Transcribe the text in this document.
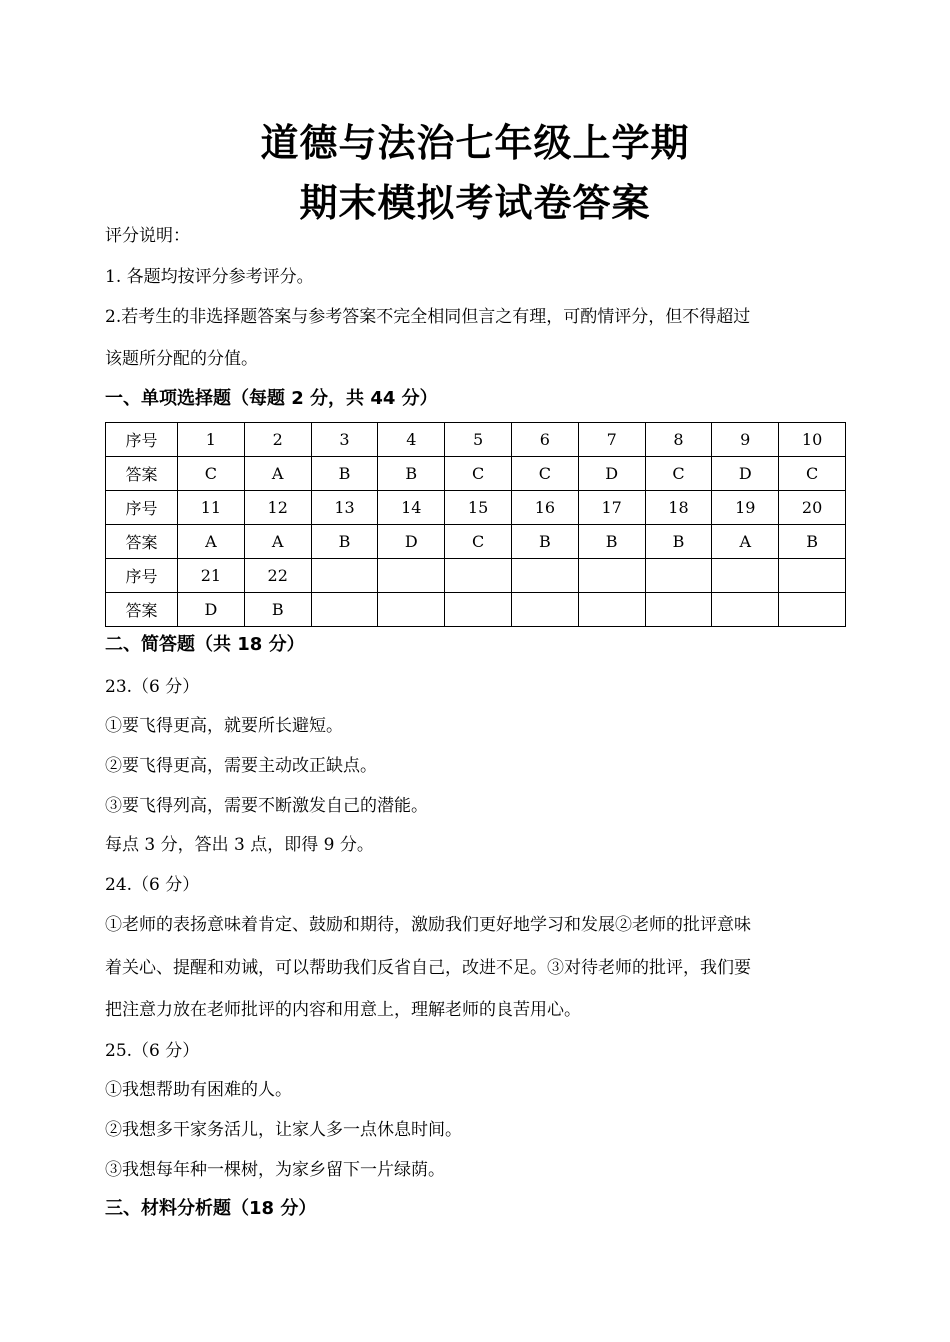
道德与法治七年级上学期
期末模拟考试卷答案
评分说明：
1. 各题均按评分参考评分。
2.若考生的非选择题答案与参考答案不完全相同但言之有理，可酌情评分，但不得超过
该题所分配的分值。
一、单项选择题（每题 2 分，共 44 分）
序号	1	2	3	4	5	6	7	8	9	10
答案	C	A	B	B	C	C	D	C	D	C
序号	11	12	13	14	15	16	17	18	19	20
答案	A	A	B	D	C	B	B	B	A	B
序号	21	22								
答案	D	B								
二、简答题（共 18 分）
23.（6 分）
①要飞得更高，就要所长避短。
②要飞得更高，需要主动改正缺点。
③要飞得列高，需要不断激发自己的潜能。
每点 3 分，答出 3 点，即得 9 分。
24.（6 分）
①老师的表扬意味着肯定、鼓励和期待，激励我们更好地学习和发展②老师的批评意味
着关心、提醒和劝诫，可以帮助我们反省自己，改进不足。③对待老师的批评，我们要
把注意力放在老师批评的内容和用意上，理解老师的良苦用心。
25.（6 分）
①我想帮助有困难的人。
②我想多干家务活儿，让家人多一点休息时间。
③我想每年种一棵树，为家乡留下一片绿荫。
三、材料分析题（18 分）
